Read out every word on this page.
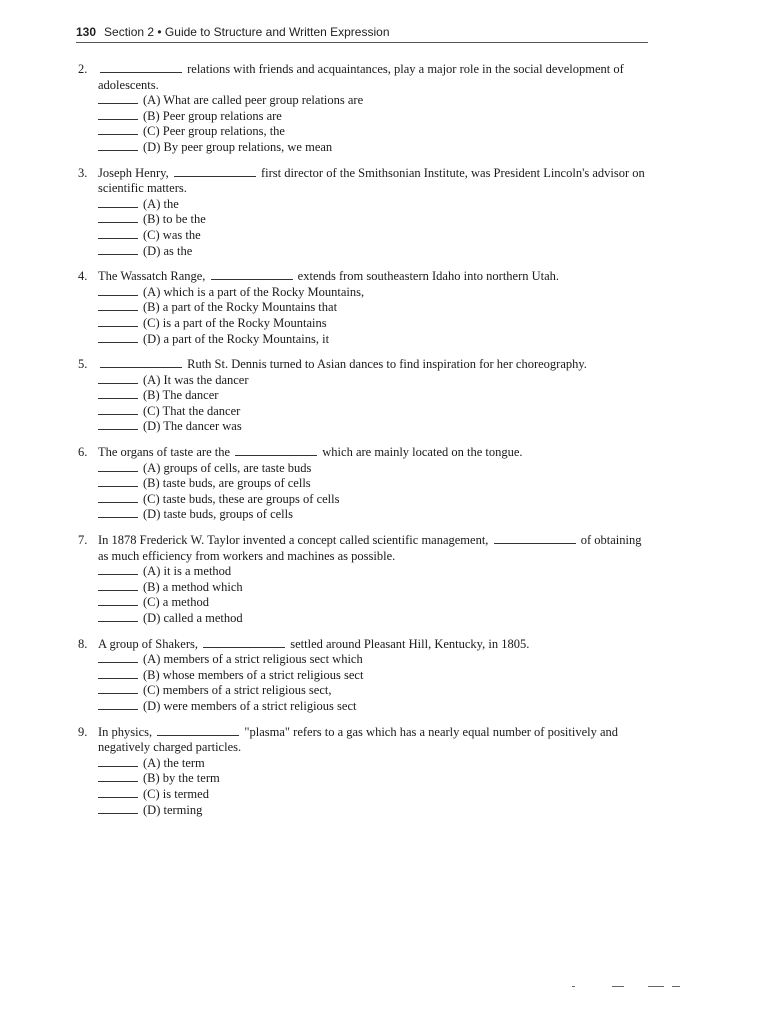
130 Section 2 • Guide to Structure and Written Expression
2.	relations with friends and acquaintances, play a major role in the social development of adolescents.
(A) What are called peer group relations are
(B) Peer group relations are
(C) Peer group relations, the
(D) By peer group relations, we mean
3. Joseph Henry,	first director of the Smithsonian Institute, was President Lincoln's advisor on scientific matters.
(A) the
(B) to be the
(C) was the
(D) as the
4. The Wassatch Range,	extends from southeastern Idaho into northern Utah.
(A) which is a part of the Rocky Mountains,
(B) a part of the Rocky Mountains that
(C) is a part of the Rocky Mountains
(D) a part of the Rocky Mountains, it
5.	Ruth St. Dennis turned to Asian dances to find inspiration for her choreography.
(A) It was the dancer
(B) The dancer
(C) That the dancer
(D) The dancer was
6. The organs of taste are the	which are mainly located on the tongue.
(A) groups of cells, are taste buds
(B) taste buds, are groups of cells
(C) taste buds, these are groups of cells
(D) taste buds, groups of cells
7. In 1878 Frederick W. Taylor invented a concept called scientific management,	of obtaining as much efficiency from workers and machines as possible.
(A) it is a method
(B) a method which
(C) a method
(D) called a method
8. A group of Shakers,	settled around Pleasant Hill, Kentucky, in 1805.
(A) members of a strict religious sect which
(B) whose members of a strict religious sect
(C) members of a strict religious sect,
(D) were members of a strict religious sect
9. In physics,	"plasma" refers to a gas which has a nearly equal number of positively and negatively charged particles.
(A) the term
(B) by the term
(C) is termed
(D) terming
